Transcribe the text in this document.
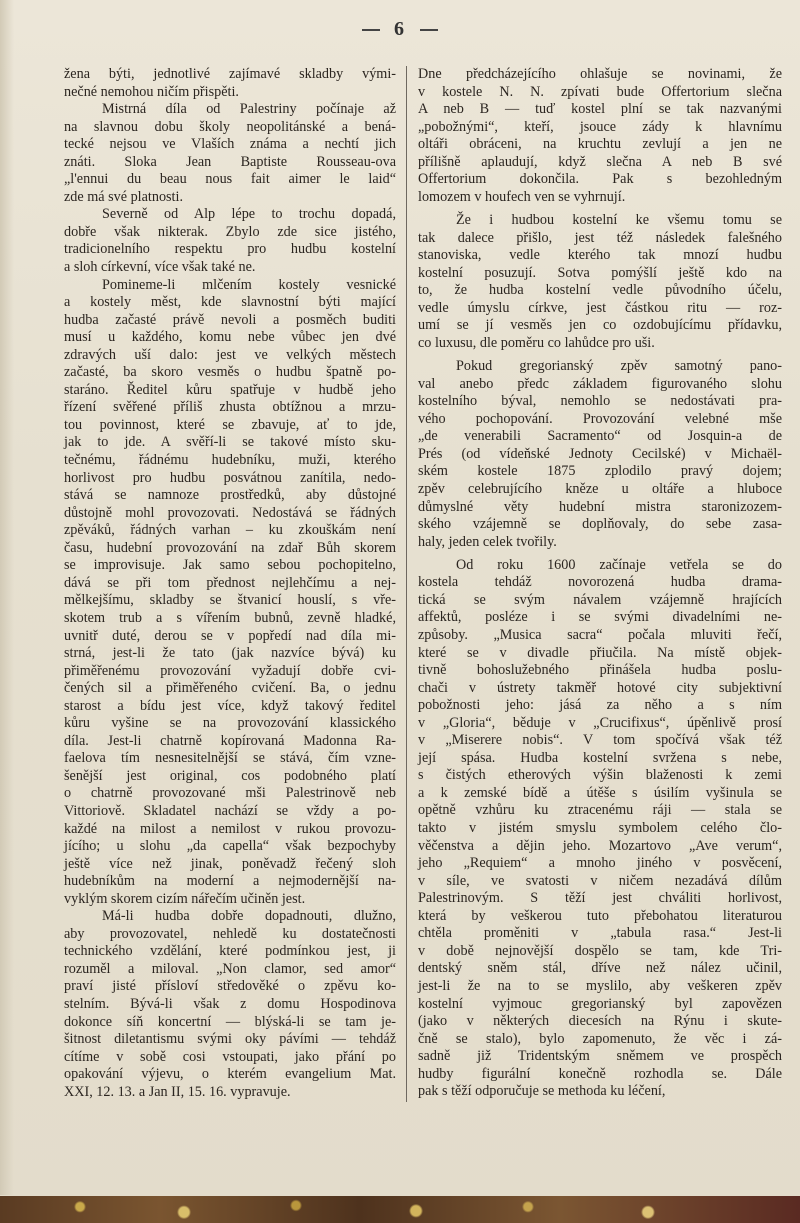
6
žena býti, jednotlivé zajímavé skladby vými-
nečné nemohou ničím přispěti.
Mistrná díla od Palestriny počínaje až
na slavnou dobu školy neopolitánské a bená-
tecké nejsou ve Vlaších známa a nechtí jich
znáti. Sloka Jean Baptiste Rousseau-ova
„l'ennui du beau nous fait aimer le laid“
zde má své platnosti.
Severně od Alp lépe to trochu dopadá,
dobře však nikterak. Zbylo zde sice jistého,
tradicionelního respektu pro hudbu kostelní
a sloh církevní, více však také ne.
Pomineme-li mlčením kostely vesnické
a kostely měst, kde slavnostní býti mající
hudba začasté právě nevoli a posměch buditi
musí u každého, komu nebe vůbec jen dvé
zdravých uší dalo: jest ve velkých městech
začasté, ba skoro vesměs o hudbu špatně po-
staráno. Ředitel kůru spatřuje v hudbě jeho
řízení svěřené příliš zhusta obtížnou a mrzu-
tou povinnost, které se zbavuje, ať to jde,
jak to jde. A svěří-li se takové místo sku-
tečnému, řádnému hudebníku, muži, kterého
horlivost pro hudbu posvátnou zanítila, nedo-
stává se namnoze prostředků, aby důstojné
důstojně mohl provozovati. Nedostává se řádných
zpěváků, řádných varhan – ku zkouškám není
času, hudební provozování na zdař Bůh skorem
se improvisuje. Jak samo sebou pochopitelno,
dává se při tom přednost nejlehčímu a nej-
mělkejšímu, skladby se štvanicí houslí, s vře-
skotem trub a s vířením bubnů, zevně hladké,
uvnitř duté, derou se v popředí nad díla mi-
strná, jest-li že tato (jak nazvíce bývá) ku
přiměřenému provozování vyžadují dobře cvi-
čených sil a přiměřeného cvičení. Ba, o jednu
starost a bídu jest více, když takový ředitel
kůru vyšine se na provozování klassického
díla. Jest-li chatrně kopírovaná Madonna Ra-
faelova tím nesnesitelnější se stává, čím vzne-
šenější jest original, cos podobného platí
o chatrně provozované mši Palestrinově neb
Vittoriově. Skladatel nachází se vždy a po-
každé na milost a nemilost v rukou provozu-
jícího; u slohu „da capella“ však bezpochyby
ještě více než jinak, poněvadž řečený sloh
hudebníkům na moderní a nejmodernější na-
vyklým skorem cizím nářečím učiněn jest.
Má-li hudba dobře dopadnouti, dlužno,
aby provozovatel, nehledě ku dostatečnosti
technického vzdělání, které podmínkou jest, ji
rozuměl a miloval. „Non clamor, sed amor“
praví jisté přísloví středověké o zpěvu ko-
stelním. Bývá-li však z domu Hospodinova
dokonce síň koncertní — blýská-li se tam je-
šitnost diletantismu svými oky pávími — tehdáž
cítíme v sobě cosi vstoupati, jako přání po
opakování výjevu, o kterém evangelium Mat.
XXI, 12. 13. a Jan II, 15. 16. vypravuje.
Dne předcházejícího ohlašuje se novinami, že
v kostele N. N. zpívati bude Offertorium slečna
A neb B — tuď kostel plní se tak nazvanými
„pobožnými“, kteří, jsouce zády k hlavnímu
oltáři obráceni, na kruchtu zevlují a jen ne
přílišně aplaudují, když slečna A neb B své
Offertorium dokončila. Pak s bezohledným
lomozem v houfech ven se vyhrnují.
Že i hudbou kostelní ke všemu tomu se
tak dalece přišlo, jest též následek falešného
stanoviska, vedle kterého tak mnozí hudbu
kostelní posuzují. Sotva pomýšlí ještě kdo na
to, že hudba kostelní vedle původního účelu,
vedle úmyslu církve, jest částkou ritu — roz-
umí se jí vesměs jen co ozdobujícímu přídavku,
co luxusu, dle poměru co lahůdce pro uši.
Pokud gregorianský zpěv samotný pano-
val anebo předc základem figurovaného slohu
kostelního býval, nemohlo se nedostávati pra-
vého pochopování. Provozování velebné mše
„de venerabili Sacramento“ od Josquin-a de
Prés (od vídeňské Jednoty Cecilské) v Michaël-
ském kostele 1875 zplodilo pravý dojem;
zpěv celebrujícího kněze u oltáře a hluboce
důmyslné věty hudební mistra staronizozem-
ského vzájemně se doplňovaly, do sebe zasa-
haly, jeden celek tvořily.
Od roku 1600 začínaje vetřela se do
kostela tehdáž novorozená hudba drama-
tická se svým návalem vzájemně hrajících
affektů, posléze i se svými divadelními ne-
způsoby. „Musica sacra“ počala mluviti řečí,
které se v divadle přiučila. Na místě objek-
tivně bohoslužebného přinášela hudba poslu-
chači v ústrety takměř hotové city subjektivní
pobožnosti jeho: jásá za něho a s ním
v „Gloria“, běduje v „Crucifixus“, úpěnlivě prosí
v „Miserere nobis“. V tom spočívá však též
její spása. Hudba kostelní svržena s nebe,
s čistých etherových výšin blaženosti k zemi
a k zemské bídě a útěše s úsilím vyšinula se
opětně vzhůru ku ztracenému ráji — stala se
takto v jistém smyslu symbolem celého člo-
věčenstva a dějin jeho. Mozartovo „Ave verum“,
jeho „Requiem“ a mnoho jiného v posvěcení,
v síle, ve svatosti v ničem nezadává dílům
Palestrinovým. S těží jest chváliti horlivost,
která by veškerou tuto přebohatou literaturou
chtěla proměniti v „tabula rasa.“ Jest-li
v době nejnovější dospělo se tam, kde Tri-
dentský sněm stál, dříve než nález učinil,
jest-li že na to se myslilo, aby veškeren zpěv
kostelní vyjmouc gregorianský byl zapovězen
(jako v některých diecesích na Rýnu i skute-
čně se stalo), bylo zapomenuto, že věc i zá-
sadně již Tridentským sněmem ve prospěch
hudby figurální konečně rozhodla se. Dále
pak s těží odporučuje se methoda ku léčení,
